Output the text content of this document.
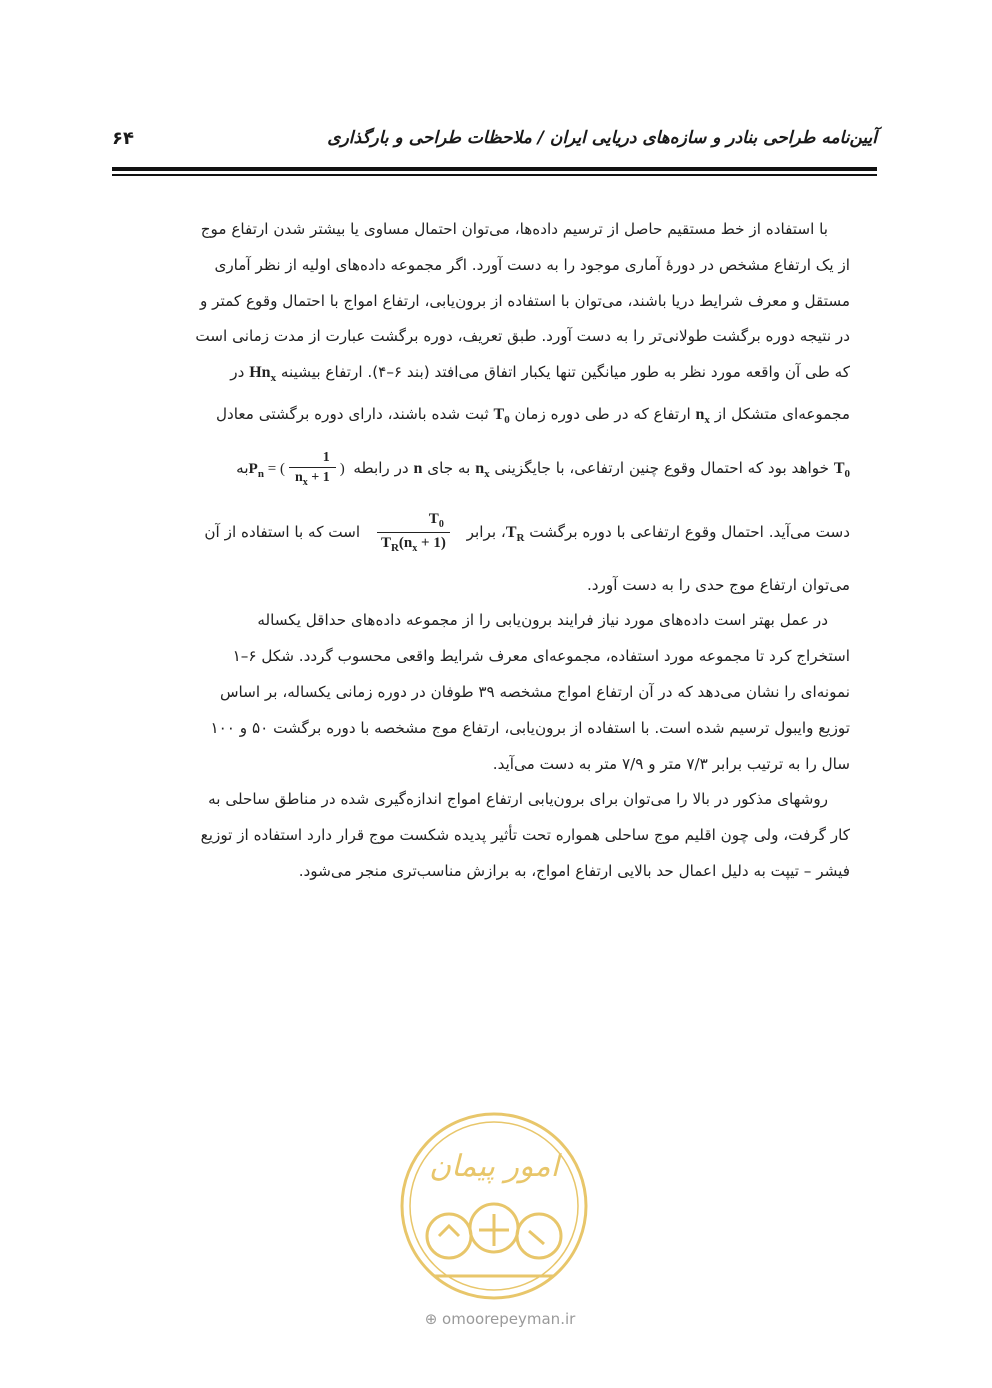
آیین‌نامه طراحی بنادر و سازه‌های دریایی ایران / ملاحظات طراحی و بارگذاری
۶۴
با استفاده از خط مستقیم حاصل از ترسیم داده‌ها، می‌توان احتمال مساوی یا بیشتر شدن ارتفاع موج
از یک ارتفاع مشخص در دورهٔ آماری موجود را به دست آورد. اگر مجموعه داده‌های اولیه از نظر آماری
مستقل و معرف شرایط دریا باشند، می‌توان با استفاده از برون‌یابی، ارتفاع امواج با احتمال وقوع کمتر و
در نتیجه دوره برگشت طولانی‌تر را به دست آورد. طبق تعریف، دوره برگشت عبارت از مدت زمانی است
که طی آن واقعه مورد نظر به طور میانگین تنها یکبار اتفاق می‌افتد (بند ۶–۴). ارتفاع بیشینه $Hn_x$ در
مجموعه‌ای متشکل از $n_x$ ارتفاع که در طی دوره زمان $T_0$ ثبت شده باشند، دارای دوره برگشتی معادل
$T_0$ خواهد بود که احتمال وقوع چنین ارتفاعی، با جایگزینی $n_x$ به جای n در رابطه $P_n$ = ( $\frac{1}{n_x + 1}$ ) به
دست می‌آید. احتمال وقوع ارتفاعی با دوره برگشت $T_R،$ برابر
$\frac{T_0}{T_R(n_x + 1)}$
است که با استفاده از آن
می‌توان ارتفاع موج حدی را به دست آورد.
در عمل بهتر است داده‌های مورد نیاز فرایند برون‌یابی را از مجموعه داده‌های حداقل یکساله
استخراج کرد تا مجموعه مورد استفاده، مجموعه‌ای معرف شرایط واقعی محسوب گردد. شکل ۶–۱
نمونه‌ای را نشان می‌دهد که در آن ارتفاع امواج مشخصه ۳۹ طوفان در دوره زمانی یکساله، بر اساس
توزیع وایبول ترسیم شده است. با استفاده از برون‌یابی، ارتفاع موج مشخصه با دوره برگشت ۵۰ و ۱۰۰
سال را به ترتیب برابر ۷/۳ متر و ۷/۹ متر به دست می‌آید.
روشهای مذکور در بالا را می‌توان برای برون‌یابی ارتفاع امواج اندازه‌گیری شده در مناطق ساحلی به
کار گرفت، ولی چون اقلیم موج ساحلی همواره تحت تأثیر پدیده شکست موج قرار دارد استفاده از توزیع
فیشر – تیپت به دلیل اعمال حد بالایی ارتفاع امواج، به برازش مناسب‌تری منجر می‌شود.
امور پیمان
⊕ omoorepeyman.ir
